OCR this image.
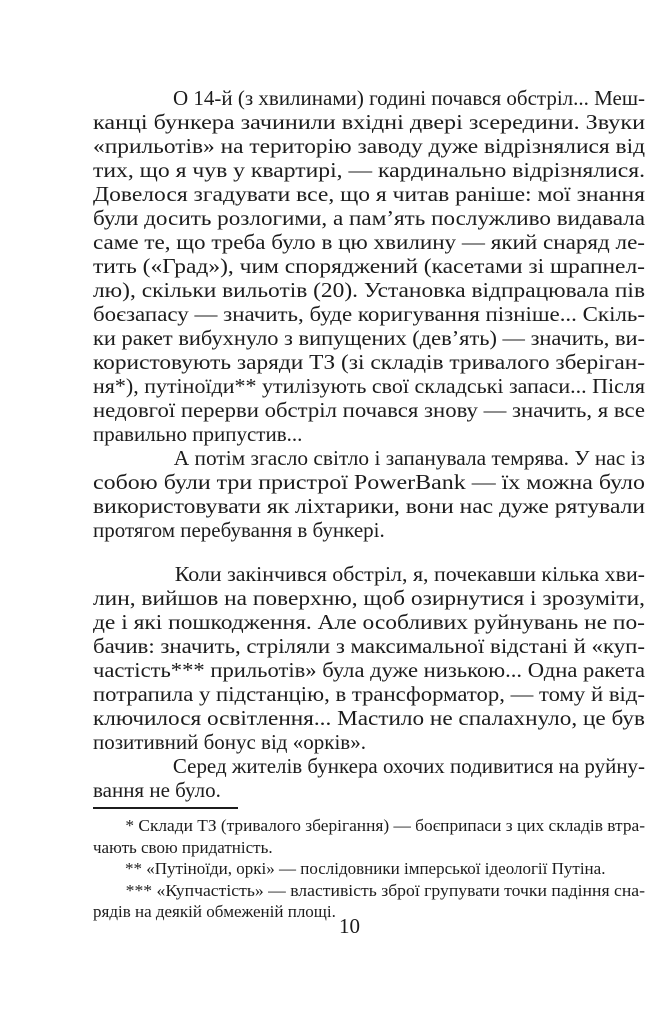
О 14-й (з хвилинами) годині почався обстріл... Меш-
канці бункера зачинили вхідні двері зсередини. Звуки
«прильотів» на територію заводу дуже відрізнялися від
тих, що я чув у квартирі, — кардинально відрізнялися.
Довелося згадувати все, що я читав раніше: мої знання
були досить розлогими, а пам’ять послужливо видавала
саме те, що треба було в цю хвилину — який снаряд ле-
тить («Град»), чим споряджений (касетами зі шрапнел-
лю), скільки вильотів (20). Установка відпрацювала пів
боєзапасу — значить, буде коригування пізніше... Скіль-
ки ракет вибухнуло з випущених (дев’ять) — значить, ви-
користовують заряди ТЗ (зі складів тривалого зберіган-
ня*), путіноїди** утилізують свої складські запаси... Після
недовгої перерви обстріл почався знову — значить, я все
правильно припустив...
А потім згасло світло і запанувала темрява. У нас із
собою були три пристрої PowerBank — їх можна було
використовувати як ліхтарики, вони нас дуже рятували
протягом перебування в бункері.
Коли закінчився обстріл, я, почекавши кілька хви-
лин, вийшов на поверхню, щоб озирнутися і зрозуміти,
де і які пошкодження. Але особливих руйнувань не по-
бачив: значить, стріляли з максимальної відстані й «куп-
частість*** прильотів» була дуже низькою... Одна ракета
потрапила у підстанцію, в трансформатор, — тому й від-
ключилося освітлення... Мастило не спалахнуло, це був
позитивний бонус від «орків».
Серед жителів бункера охочих подивитися на руйну-
вання не було.
* Склади ТЗ (тривалого зберігання) — боєприпаси з цих складів втра-
чають свою придатність.
** «Путіноїди, оркі» — послідовники імперської ідеології Путіна.
*** «Купчастість» — властивість зброї групувати точки падіння сна-
рядів на деякій обмеженій площі.
10
